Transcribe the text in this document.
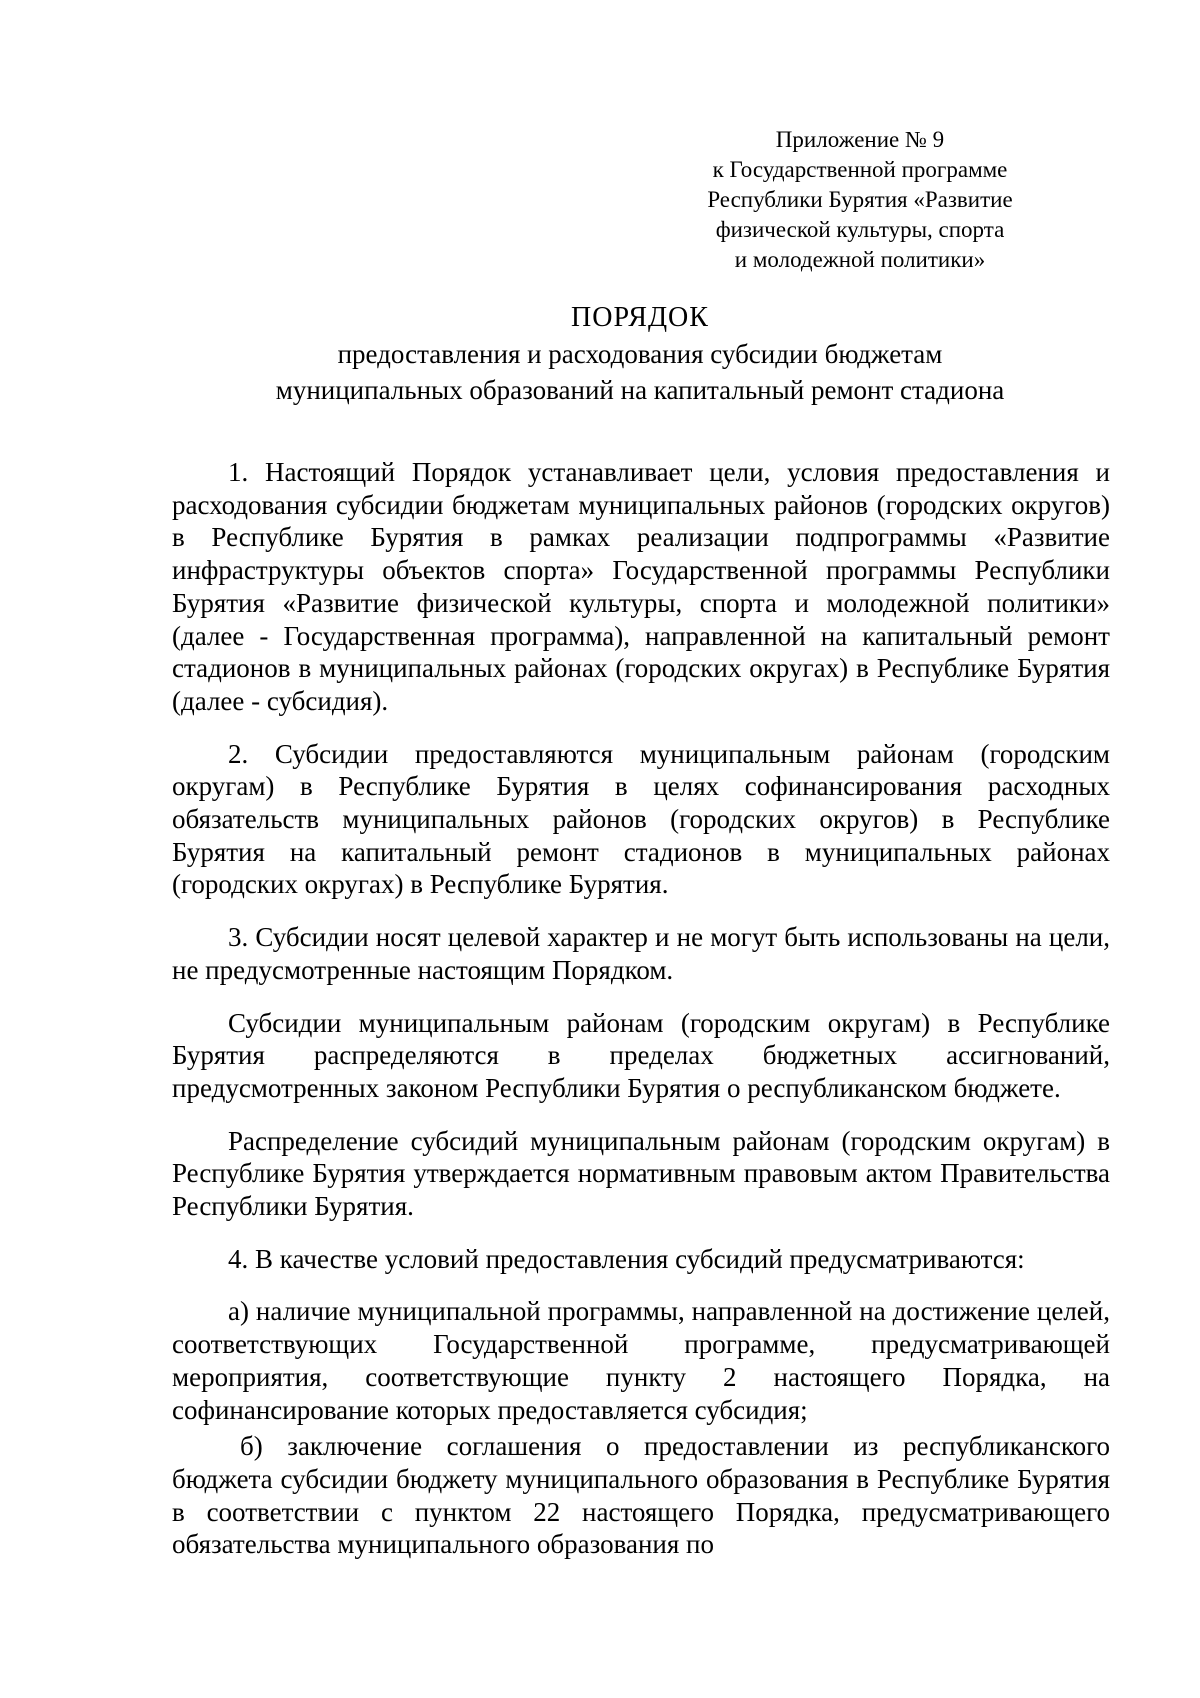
Приложение № 9
к Государственной программе
Республики Бурятия «Развитие
физической культуры, спорта
и молодежной политики»
ПОРЯДОК
предоставления и расходования субсидии бюджетам
муниципальных образований на капитальный ремонт стадиона

1. Настоящий Порядок устанавливает цели, условия предоставления и расходования субсидии бюджетам муниципальных районов (городских округов) в Республике Бурятия в рамках реализации подпрограммы «Развитие инфраструктуры объектов спорта» Государственной программы Республики Бурятия «Развитие физической культуры, спорта и молодежной политики» (далее - Государственная программа), направленной на капитальный ремонт стадионов в муниципальных районах (городских округах) в Республике Бурятия (далее - субсидия).

2. Субсидии предоставляются муниципальным районам (городским округам) в Республике Бурятия в целях софинансирования расходных обязательств муниципальных районов (городских округов) в Республике Бурятия на капитальный ремонт стадионов в муниципальных районах (городских округах) в Республике Бурятия.

3. Субсидии носят целевой характер и не могут быть использованы на цели, не предусмотренные настоящим Порядком.

Субсидии муниципальным районам (городским округам) в Республике Бурятия распределяются в пределах бюджетных ассигнований, предусмотренных законом Республики Бурятия о республиканском бюджете.

Распределение субсидий муниципальным районам (городским округам) в Республике Бурятия утверждается нормативным правовым актом Правительства Республики Бурятия.

4. В качестве условий предоставления субсидий предусматриваются:

а) наличие муниципальной программы, направленной на достижение целей, соответствующих Государственной программе, предусматривающей мероприятия, соответствующие пункту 2 настоящего Порядка, на софинансирование которых предоставляется субсидия;

б) заключение соглашения о предоставлении из республиканского бюджета субсидии бюджету муниципального образования в Республике Бурятия в соответствии с пунктом 22 настоящего Порядка, предусматривающего обязательства муниципального образования по
